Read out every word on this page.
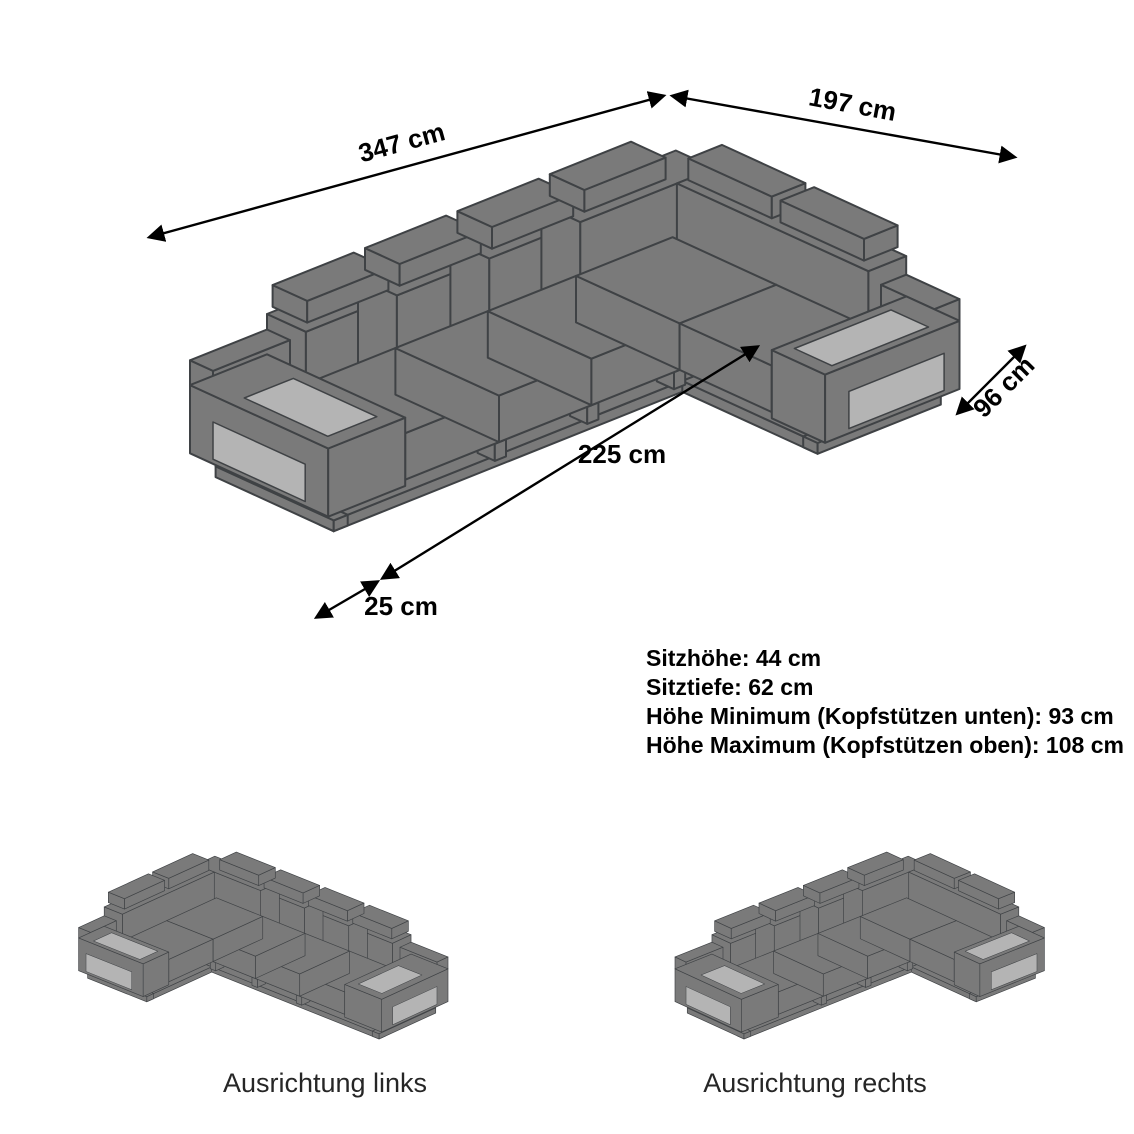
347 cm
197 cm
96 cm
225 cm
25 cm
Sitzhöhe: 44 cm
Sitztiefe: 62 cm
Höhe Minimum (Kopfstützen unten): 93 cm
Höhe Maximum (Kopfstützen oben): 108 cm
Ausrichtung links	Ausrichtung rechts
